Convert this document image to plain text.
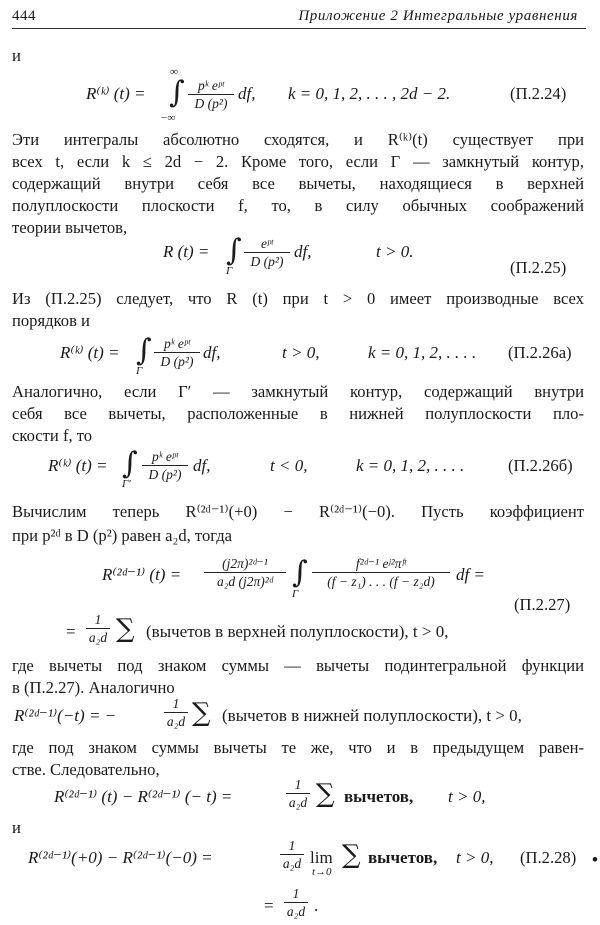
444	Приложение 2 Интегральные уравнения
и
R⁽ᵏ⁾ (t) =
∞
∫
−∞
pᵏ eᵖᵗ
D (p²)
df, k = 0, 1, 2, . . . , 2d − 2.	(П.2.24)
Эти интегралы абсолютно сходятся, и R⁽ᵏ⁾(t) существует при
всех t, если k ≤ 2d − 2. Кроме того, если Γ — замкнутый контур,
содержащий внутри себя все вычеты, находящиеся в верхней
полуплоскости плоскости f, то, в силу обычных соображений
теории вычетов,
R (t) = ∫
Γ
eᵖᵗ
D (p²)
df,	t > 0.
(П.2.25)
Из (П.2.25) следует, что R (t) при t > 0 имеет производные всех
порядков и
R⁽ᵏ⁾ (t) = ∫
Γ
pᵏ eᵖᵗ
D (p²) df,	t > 0,	k = 0, 1, 2, . . . . (П.2.26а)
Аналогично, если Γ′ — замкнутый контур, содержащий внутри
себя все вычеты, расположенные в нижней полуплоскости пло-
скости f, то
R⁽ᵏ⁾ (t) = ∫
Γ′
pᵏ eᵖᵗ
D (p²) df,	t < 0,	k = 0, 1, 2, . . . .	(П.2.26б)
Вычислим теперь R⁽²ᵈ⁻¹⁾(+0) − R⁽²ᵈ⁻¹⁾(−0). Пусть коэффициент
при p²ᵈ в D (p²) равен a₂d, тогда
R⁽²ᵈ⁻¹⁾ (t) =
(j2π)²ᵈ⁻¹
a₂d (j2π)²ᵈ ∫
Γ
f²ᵈ⁻¹ eʲ²πᶠᵗ
(f − z₁) . . . (f − z₂d)	df =
(П.2.27)
=
1
a₂d ∑ (вычетов в верхней полуплоскости), t > 0,
где вычеты под знаком суммы — вычеты подинтегральной функции
в (П.2.27). Аналогично
R⁽²ᵈ⁻¹⁾(−t) = −
1
a₂d ∑ (вычетов в нижней полуплоскости), t > 0,
где под знаком суммы вычеты те же, что и в предыдущем равен-
стве. Следовательно,
R⁽²ᵈ⁻¹⁾ (t) − R⁽²ᵈ⁻¹⁾ (− t) =
1
a₂d ∑ вычетов, t > 0,
и
R⁽²ᵈ⁻¹⁾(+0) − R⁽²ᵈ⁻¹⁾(−0) =
1
a₂d lim
t→0
∑ вычетов, t > 0, (П.2.28) •
=
1
a₂d .
